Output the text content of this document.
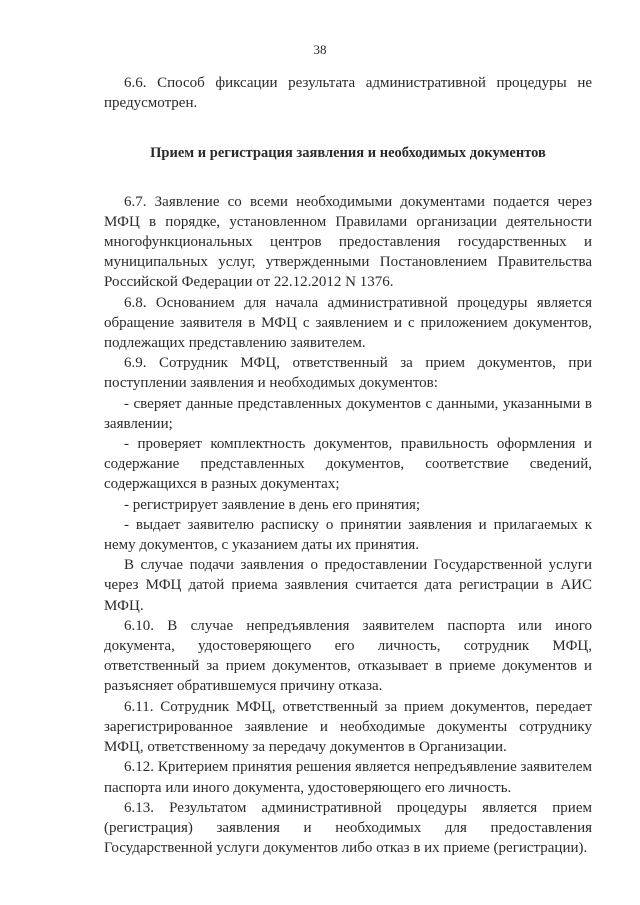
38

6.6. Способ фиксации результата административной процедуры не предусмотрен.

Прием и регистрация заявления и необходимых документов

6.7. Заявление со всеми необходимыми документами подается через МФЦ в порядке, установленном Правилами организации деятельности многофункциональных центров предоставления государственных и муниципальных услуг, утвержденными Постановлением Правительства Российской Федерации от 22.12.2012 N 1376.

6.8. Основанием для начала административной процедуры является обращение заявителя в МФЦ с заявлением и с приложением документов, подлежащих представлению заявителем.

6.9. Сотрудник МФЦ, ответственный за прием документов, при поступлении заявления и необходимых документов:

- сверяет данные представленных документов с данными, указанными в заявлении;

- проверяет комплектность документов, правильность оформления и содержание представленных документов, соответствие сведений, содержащихся в разных документах;

- регистрирует заявление в день его принятия;

- выдает заявителю расписку о принятии заявления и прилагаемых к нему документов, с указанием даты их принятия.

В случае подачи заявления о предоставлении Государственной услуги через МФЦ датой приема заявления считается дата регистрации в АИС МФЦ.

6.10. В случае непредъявления заявителем паспорта или иного документа, удостоверяющего его личность, сотрудник МФЦ, ответственный за прием документов, отказывает в приеме документов и разъясняет обратившемуся причину отказа.

6.11. Сотрудник МФЦ, ответственный за прием документов, передает зарегистрированное заявление и необходимые документы сотруднику МФЦ, ответственному за передачу документов в Организации.

6.12. Критерием принятия решения является непредъявление заявителем паспорта или иного документа, удостоверяющего его личность.

6.13. Результатом административной процедуры является прием (регистрация) заявления и необходимых для предоставления Государственной услуги документов либо отказ в их приеме (регистрации).
